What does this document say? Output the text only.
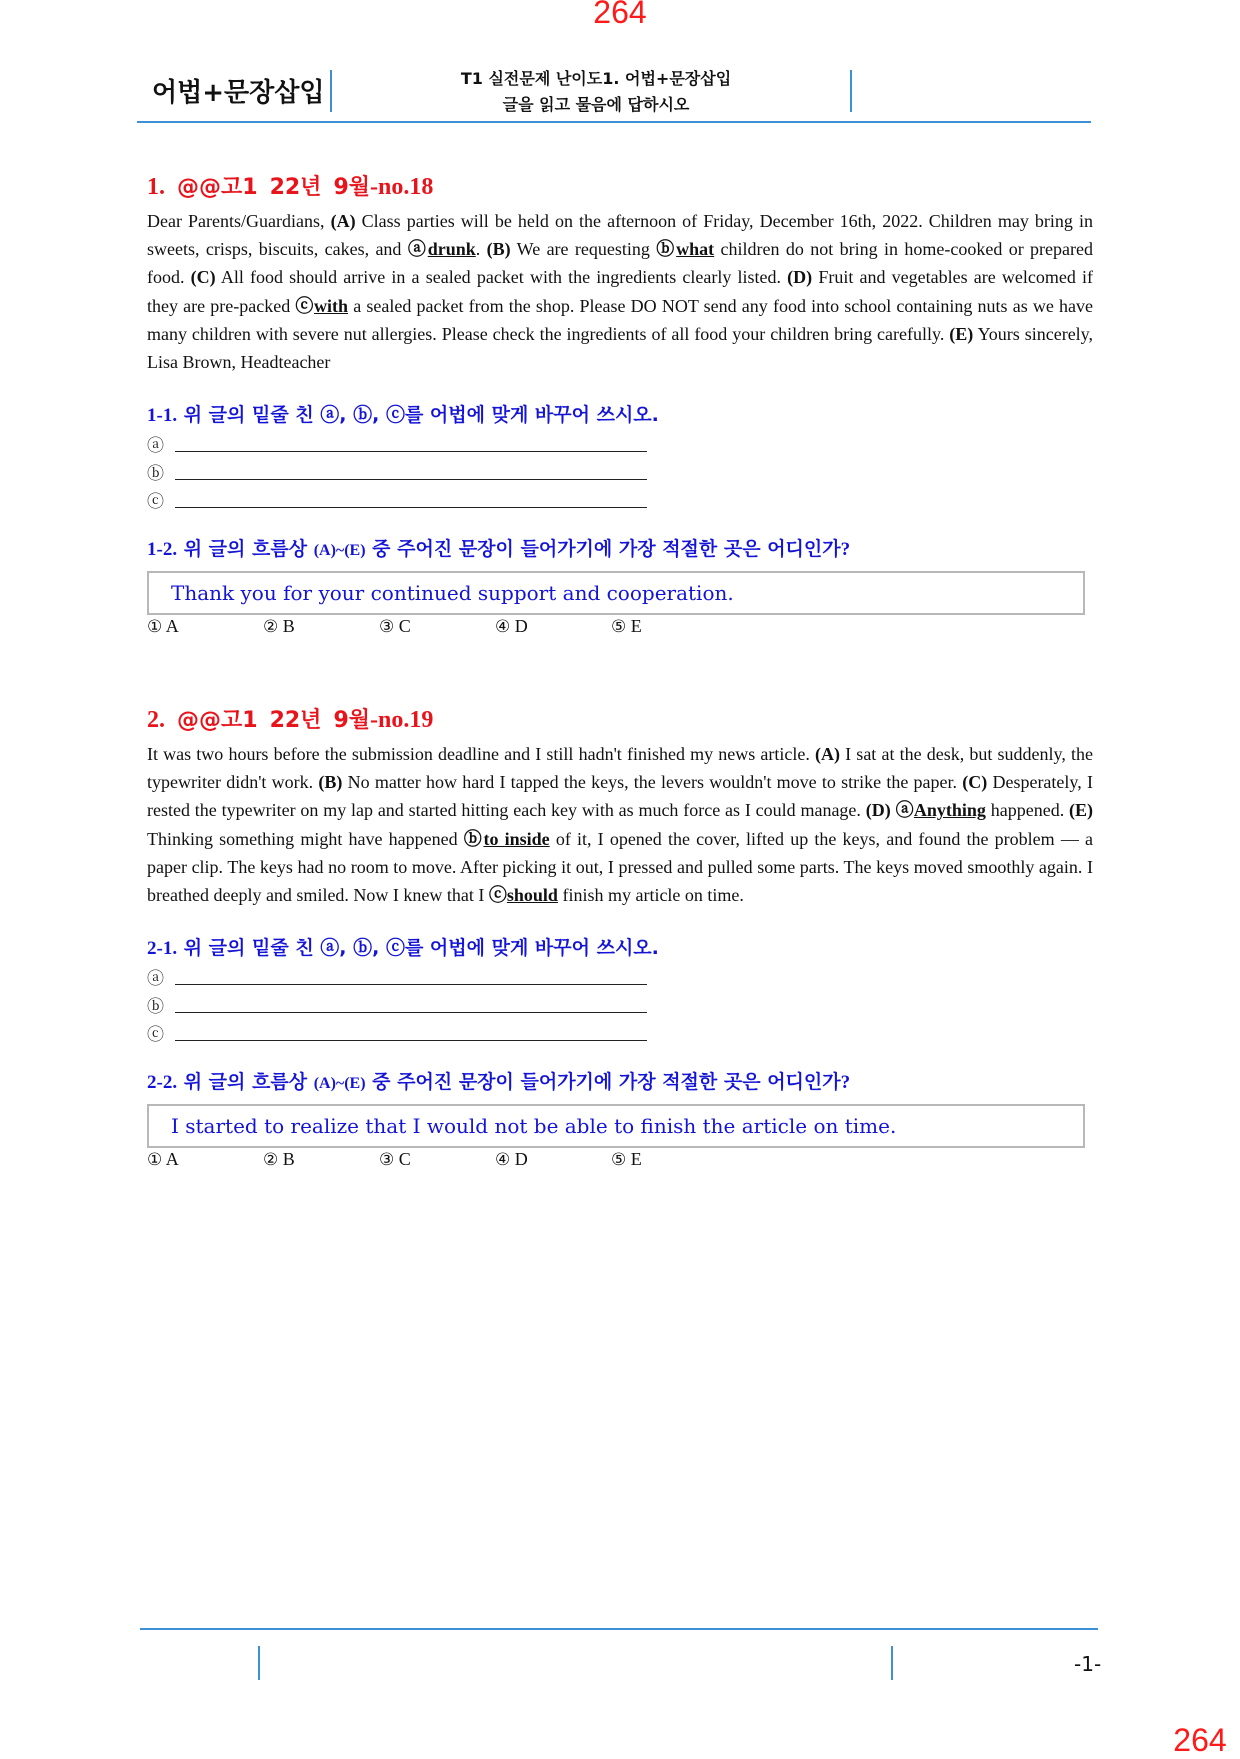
264
264
어법+문장삽입	T1 실전문제 난이도1. 어법+문장삽입
글을 읽고 물음에 답하시오
1. @@고1 22년 9월-no.18

Dear Parents/Guardians, (A) Class parties will be held on the afternoon of Friday, December 16th, 2022. Children may bring in sweets, crisps, biscuits, cakes, and ⓐdrunk. (B) We are requesting ⓑwhat children do not bring in home-cooked or prepared food. (C) All food should arrive in a sealed packet with the ingredients clearly listed. (D) Fruit and vegetables are welcomed if they are pre-packed ⓒwith a sealed packet from the shop. Please DO NOT send any food into school containing nuts as we have many children with severe nut allergies. Please check the ingredients of all food your children bring carefully. (E) Yours sincerely, Lisa Brown, Headteacher

1-1. 위 글의 밑줄 친 ⓐ, ⓑ, ⓒ를 어법에 맞게 바꾸어 쓰시오.
ⓐ
ⓑ
ⓒ
1-2. 위 글의 흐름상 (A)~(E) 중 주어진 문장이 들어가기에 가장 적절한 곳은 어디인가?
Thank you for your continued support and cooperation.
① A	② B	③ C	④ D	⑤ E
2. @@고1 22년 9월-no.19

It was two hours before the submission deadline and I still hadn't finished my news article. (A) I sat at the desk, but suddenly, the typewriter didn't work. (B) No matter how hard I tapped the keys, the levers wouldn't move to strike the paper. (C) Desperately, I rested the typewriter on my lap and started hitting each key with as much force as I could manage. (D) ⓐAnything happened. (E) Thinking something might have happened ⓑto inside of it, I opened the cover, lifted up the keys, and found the problem — a paper clip. The keys had no room to move. After picking it out, I pressed and pulled some parts. The keys moved smoothly again. I breathed deeply and smiled. Now I knew that I ⓒshould finish my article on time.

2-1. 위 글의 밑줄 친 ⓐ, ⓑ, ⓒ를 어법에 맞게 바꾸어 쓰시오.
ⓐ
ⓑ
ⓒ
2-2. 위 글의 흐름상 (A)~(E) 중 주어진 문장이 들어가기에 가장 적절한 곳은 어디인가?
I started to realize that I would not be able to finish the article on time.
① A	② B	③ C	④ D	⑤ E
-1-
